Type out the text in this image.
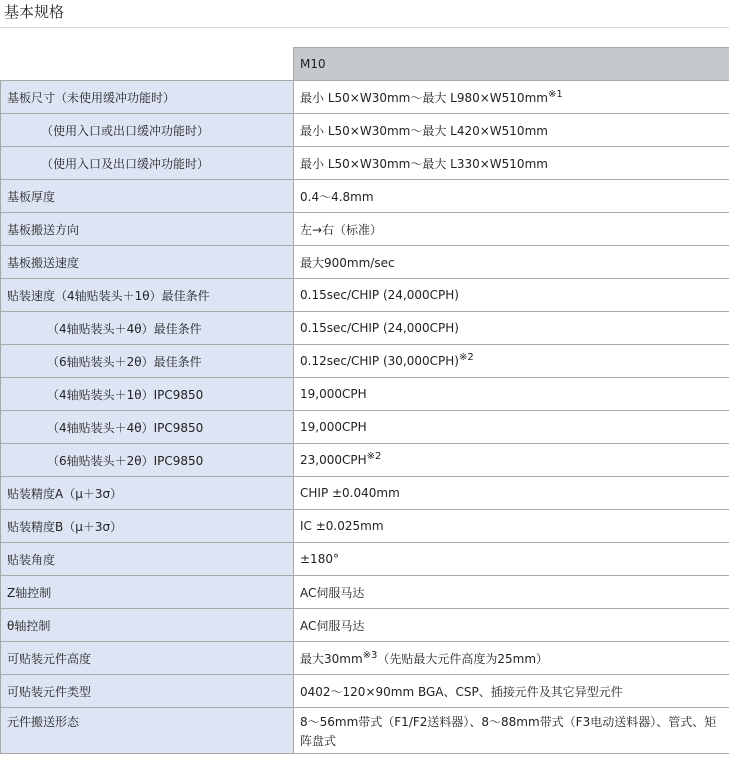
基本规格
	M10
基板尺寸（未使用缓冲功能时）	最小 L50×W30mm～最大 $L980\times W510mm^{※1}$
（使用入口或出口缓冲功能时）	最小 L50×W30mm～最大 L420×W510mm
（使用入口及出口缓冲功能时）	最小 L50×W30mm～最大 L330×W510mm
基板厚度	0.4～4.8mm
基板搬送方向	左→右（标准）
基板搬送速度	最大900mm/sec
贴装速度（4轴贴装头＋1θ）最佳条件	0.15sec/CHIP (24,000CPH)
（4轴贴装头＋4θ）最佳条件	0.15sec/CHIP (24,000CPH)
（6轴贴装头＋2θ）最佳条件	0.12sec/CHIP $(30,000CPH)^{※2}$
（4轴贴装头＋1θ）IPC9850	19,000CPH
（4轴贴装头＋4θ）IPC9850	19,000CPH
（6轴贴装头＋2θ）IPC9850	23,000CPH$^{※2}$
贴装精度A（μ＋3σ）	CHIP ±0.040mm
贴装精度B（μ＋3σ）	IC ±0.025mm
贴装角度	±180°
Z轴控制	AC伺服马达
θ轴控制	AC伺服马达
可贴装元件高度	最大$30mm^{※3}$（先贴最大元件高度为25mm）
可贴装元件类型	0402～120×90mm BGA、CSP、插接元件及其它异型元件
元件搬送形态	8～56mm带式（F1/F2送料器）、8～88mm带式（F3电动送料器）、管式、矩阵盘式
